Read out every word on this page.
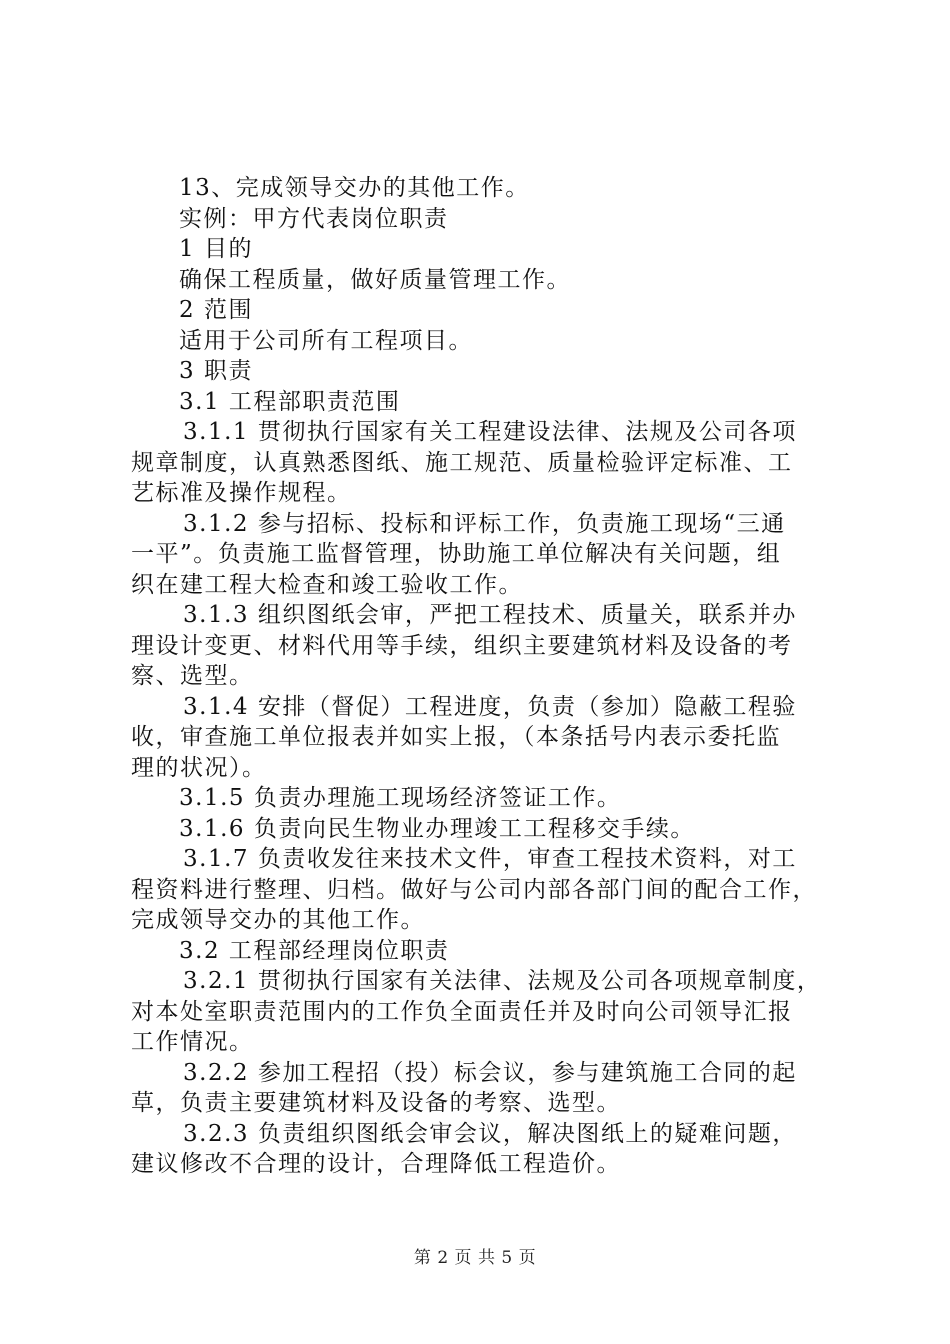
13、完成领导交办的其他工作。

实例：甲方代表岗位职责

1 目的

确保工程质量，做好质量管理工作。

2 范围

适用于公司所有工程项目。

3 职责

3.1 工程部职责范围

3.1.1 贯彻执行国家有关工程建设法律、法规及公司各项

规章制度，认真熟悉图纸、施工规范、质量检验评定标准、工

艺标准及操作规程。

3.1.2 参与招标、投标和评标工作，负责施工现场“三通

一平”。负责施工监督管理，协助施工单位解决有关问题，组

织在建工程大检查和竣工验收工作。

3.1.3 组织图纸会审，严把工程技术、质量关，联系并办

理设计变更、材料代用等手续，组织主要建筑材料及设备的考

察、选型。

3.1.4 安排（督促）工程进度，负责（参加）隐蔽工程验

收，审查施工单位报表并如实上报，（本条括号内表示委托监

理的状况）。

3.1.5 负责办理施工现场经济签证工作。

3.1.6 负责向民生物业办理竣工工程移交手续。

3.1.7 负责收发往来技术文件，审查工程技术资料，对工

程资料进行整理、归档。做好与公司内部各部门间的配合工作，

完成领导交办的其他工作。

3.2 工程部经理岗位职责

3.2.1 贯彻执行国家有关法律、法规及公司各项规章制度，

对本处室职责范围内的工作负全面责任并及时向公司领导汇报

工作情况。

3.2.2 参加工程招（投）标会议，参与建筑施工合同的起

草，负责主要建筑材料及设备的考察、选型。

3.2.3 负责组织图纸会审会议，解决图纸上的疑难问题，

建议修改不合理的设计，合理降低工程造价。

第 2 页 共 5 页
